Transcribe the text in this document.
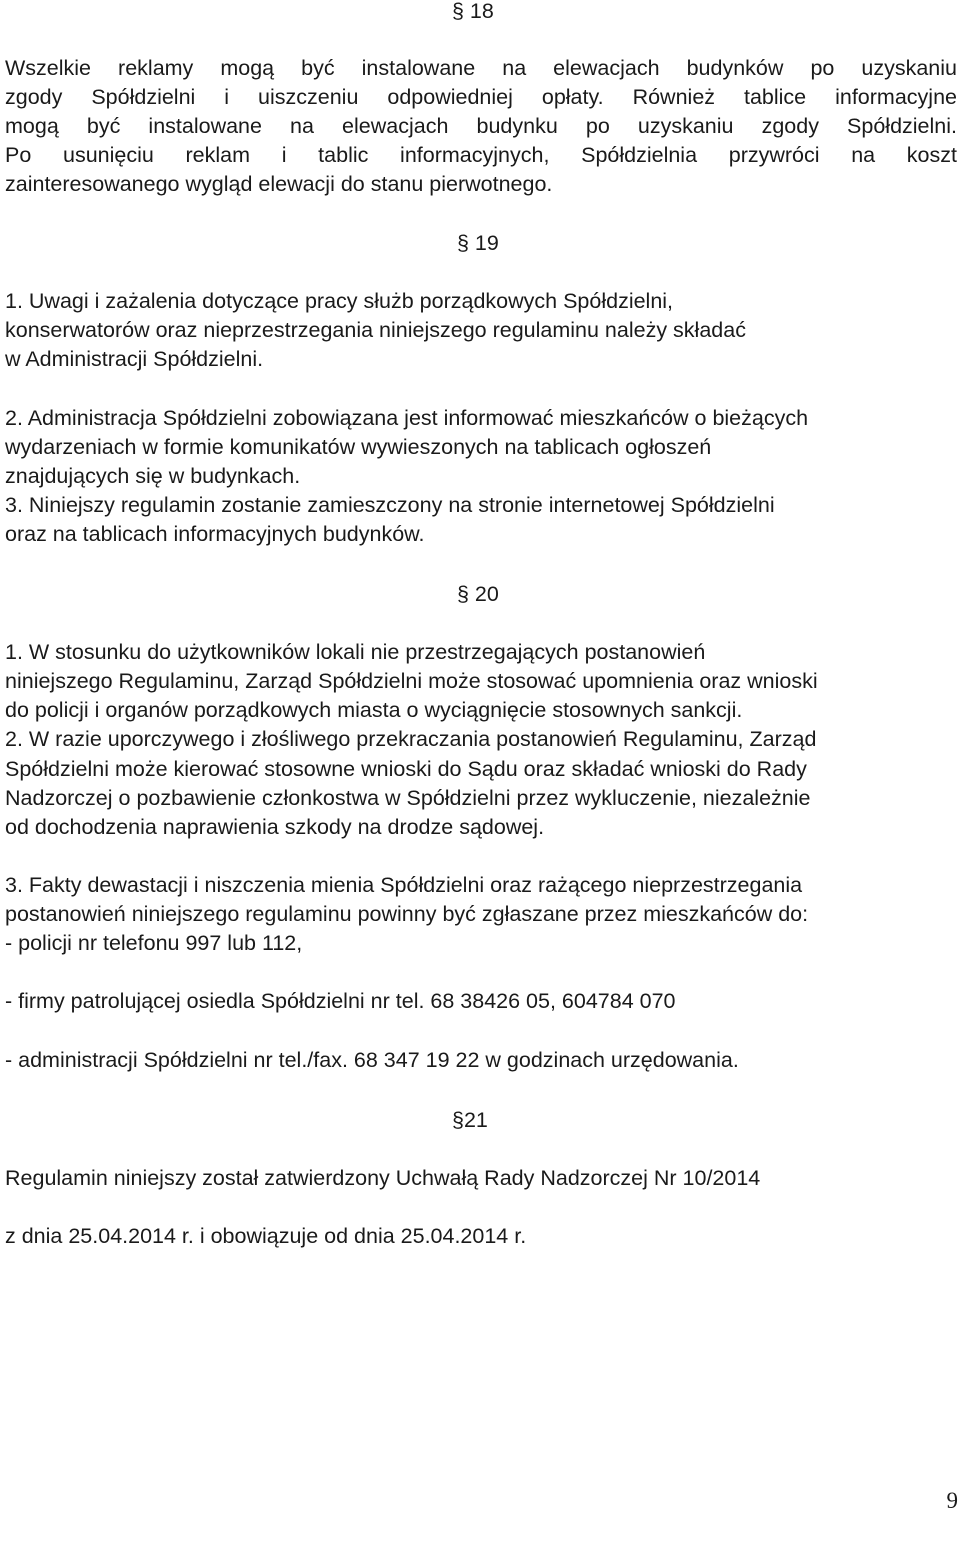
§ 18
Wszelkie reklamy mogą być instalowane na elewacjach budynków po uzyskaniu
zgody Spółdzielni i uiszczeniu odpowiedniej opłaty. Również tablice informacyjne
mogą być instalowane na elewacjach budynku po uzyskaniu zgody Spółdzielni.
Po usunięciu reklam i tablic informacyjnych, Spółdzielnia przywróci na koszt
zainteresowanego wygląd elewacji do stanu pierwotnego.
§ 19
1. Uwagi i zażalenia dotyczące pracy służb porządkowych Spółdzielni,
konserwatorów oraz nieprzestrzegania niniejszego regulaminu należy składać
w Administracji Spółdzielni.
2. Administracja Spółdzielni zobowiązana jest informować mieszkańców o bieżących
wydarzeniach w formie komunikatów wywieszonych na tablicach ogłoszeń
znajdujących się w budynkach.
3. Niniejszy regulamin zostanie zamieszczony na stronie internetowej Spółdzielni
oraz na tablicach informacyjnych budynków.
§ 20
1. W stosunku do użytkowników lokali nie przestrzegających postanowień
niniejszego Regulaminu, Zarząd Spółdzielni może stosować upomnienia oraz wnioski
do policji i organów porządkowych miasta o wyciągnięcie stosownych sankcji.
2. W razie uporczywego i złośliwego przekraczania postanowień Regulaminu, Zarząd
Spółdzielni może kierować stosowne wnioski do Sądu oraz składać wnioski do Rady
Nadzorczej o pozbawienie członkostwa w Spółdzielni przez wykluczenie, niezależnie
od dochodzenia naprawienia szkody na drodze sądowej.
3. Fakty dewastacji i niszczenia mienia Spółdzielni oraz rażącego nieprzestrzegania
postanowień niniejszego regulaminu powinny być zgłaszane przez mieszkańców do:
- policji nr telefonu 997 lub 112,
- firmy patrolującej osiedla Spółdzielni nr tel. 68 38426 05, 604784 070
- administracji Spółdzielni nr tel./fax. 68 347 19 22 w godzinach urzędowania.
§21
Regulamin niniejszy został zatwierdzony Uchwałą Rady Nadzorczej Nr 10/2014
z dnia 25.04.2014 r. i obowiązuje od dnia 25.04.2014 r.
9
